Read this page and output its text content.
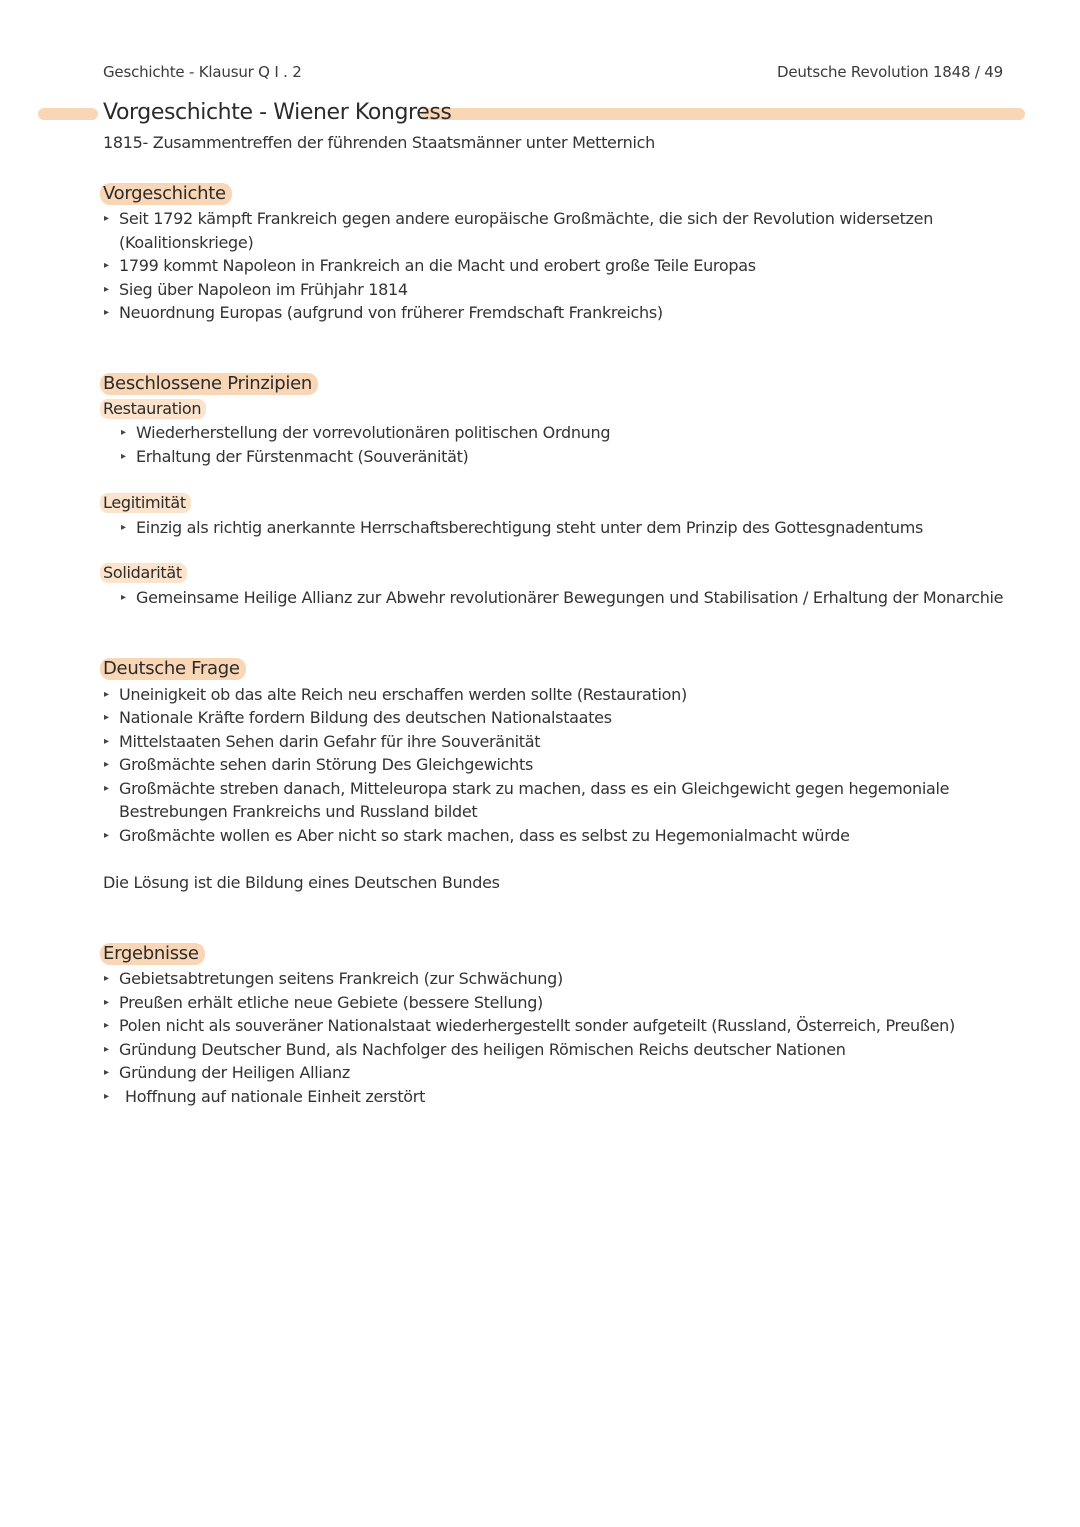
Geschichte - Klausur Q I . 2	Deutsche Revolution 1848 / 49
Vorgeschichte - Wiener Kongress
1815- Zusammentreffen der führenden Staatsmänner unter Metternich
Vorgeschichte
▸ Seit 1792 kämpft Frankreich gegen andere europäische Großmächte, die sich der Revolution widersetzen
(Koalitionskriege)
▸ 1799 kommt Napoleon in Frankreich an die Macht und erobert große Teile Europas
▸ Sieg über Napoleon im Frühjahr 1814
▸ Neuordnung Europas (aufgrund von früherer Fremdschaft Frankreichs)
Beschlossene Prinzipien
Restauration
▸ Wiederherstellung der vorrevolutionären politischen Ordnung
▸ Erhaltung der Fürstenmacht (Souveränität)
Legitimität
▸ Einzig als richtig anerkannte Herrschaftsberechtigung steht unter dem Prinzip des Gottesgnadentums
Solidarität
▸ Gemeinsame Heilige Allianz zur Abwehr revolutionärer Bewegungen und Stabilisation / Erhaltung der Monarchie
Deutsche Frage
▸ Uneinigkeit ob das alte Reich neu erschaffen werden sollte (Restauration)
▸ Nationale Kräfte fordern Bildung des deutschen Nationalstaates
▸ Mittelstaaten Sehen darin Gefahr für ihre Souveränität
▸ Großmächte sehen darin Störung Des Gleichgewichts
▸ Großmächte streben danach, Mitteleuropa stark zu machen, dass es ein Gleichgewicht gegen hegemoniale
Bestrebungen Frankreichs und Russland bildet
▸ Großmächte wollen es Aber nicht so stark machen, dass es selbst zu Hegemonialmacht würde
Die Lösung ist die Bildung eines Deutschen Bundes
Ergebnisse
▸ Gebietsabtretungen seitens Frankreich (zur Schwächung)
▸ Preußen erhält etliche neue Gebiete (bessere Stellung)
▸ Polen nicht als souveräner Nationalstaat wiederhergestellt sonder aufgeteilt (Russland, Österreich, Preußen)
▸ Gründung Deutscher Bund, als Nachfolger des heiligen Römischen Reichs deutscher Nationen
▸ Gründung der Heiligen Allianz
▸ Hoffnung auf nationale Einheit zerstört
